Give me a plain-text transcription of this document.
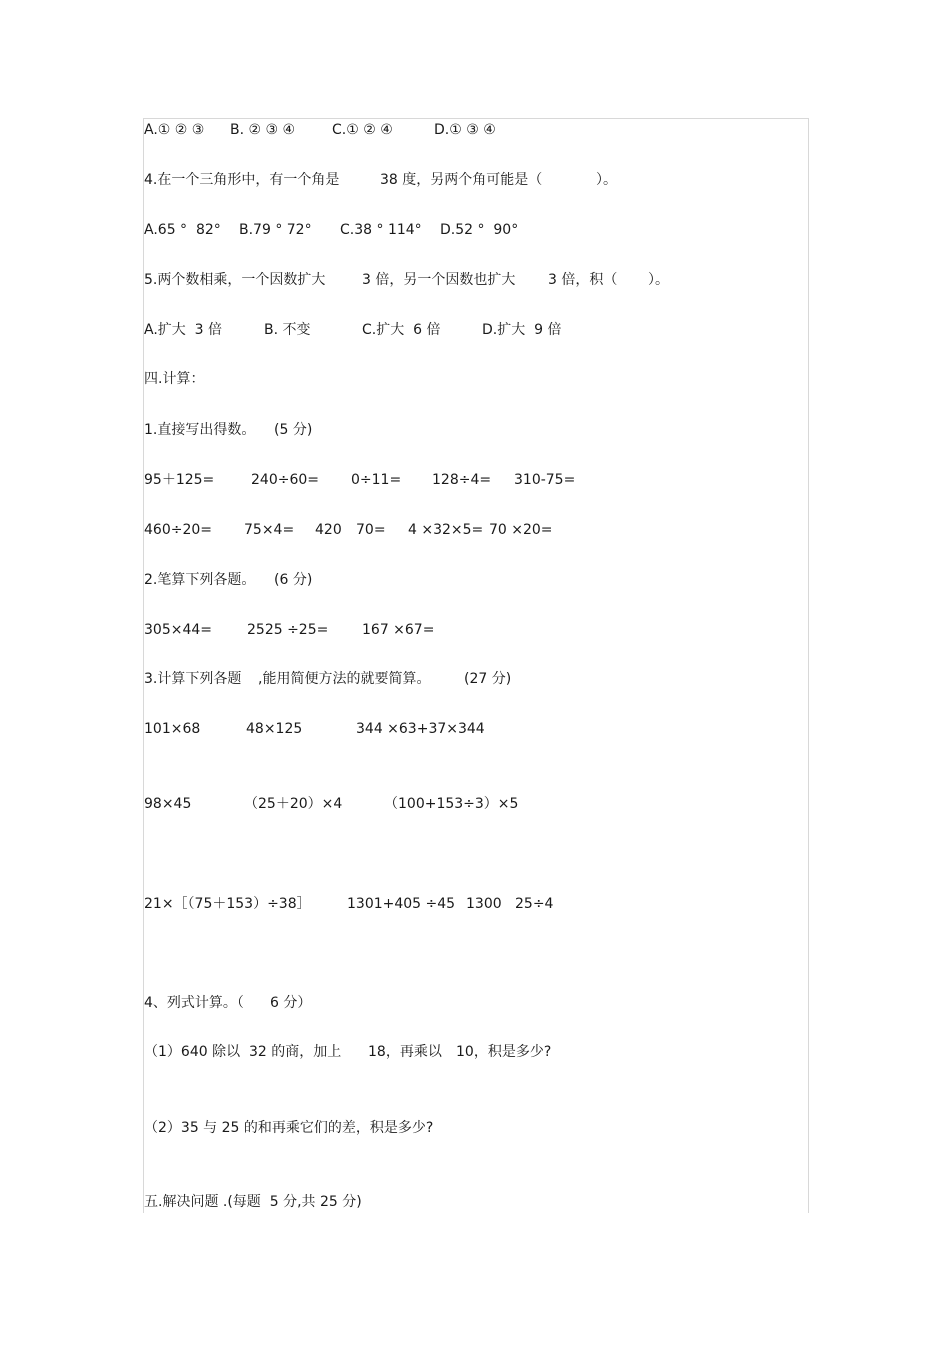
A.① ② ③ B. ② ③ ④	C.① ② ④	D.① ③ ④
4.在一个三角形中，有一个角是	38 度，另两个角可能是（	）。
A.65 °  82° B.79 ° 72° C.38 ° 114° D.52 °  90°
5.两个数相乘，一个因数扩大	3 倍，另一个因数也扩大 3 倍，积（ ）。
A.扩大  3 倍	B. 不变	C.扩大  6 倍	D.扩大  9 倍
四.计算：
1.直接写出得数。 (5 分)
95＋125=	240÷60= 0÷11= 128÷4= 310-75=
460÷20= 75×4= 420 70= 4 ×32×5= 70 ×20=
2.笔算下列各题。 (6 分)
305×44=	2525 ÷25= 167 ×67=
3.计算下列各题 ,能用简便方法的就要简算。 (27 分)
101×68	48×125	344 ×63+37×344
98×45	（25＋20）×4	（100+153÷3）×5
21×［（75＋153）÷38］	1301+405 ÷45 1300 25÷4
4、列式计算。（ 6 分）
（1）640 除以  32 的商，加上 18，再乘以 10，积是多少?
（2）35 与 25 的和再乘它们的差，积是多少?
五.解决问题 .(每题  5 分,共 25 分)
